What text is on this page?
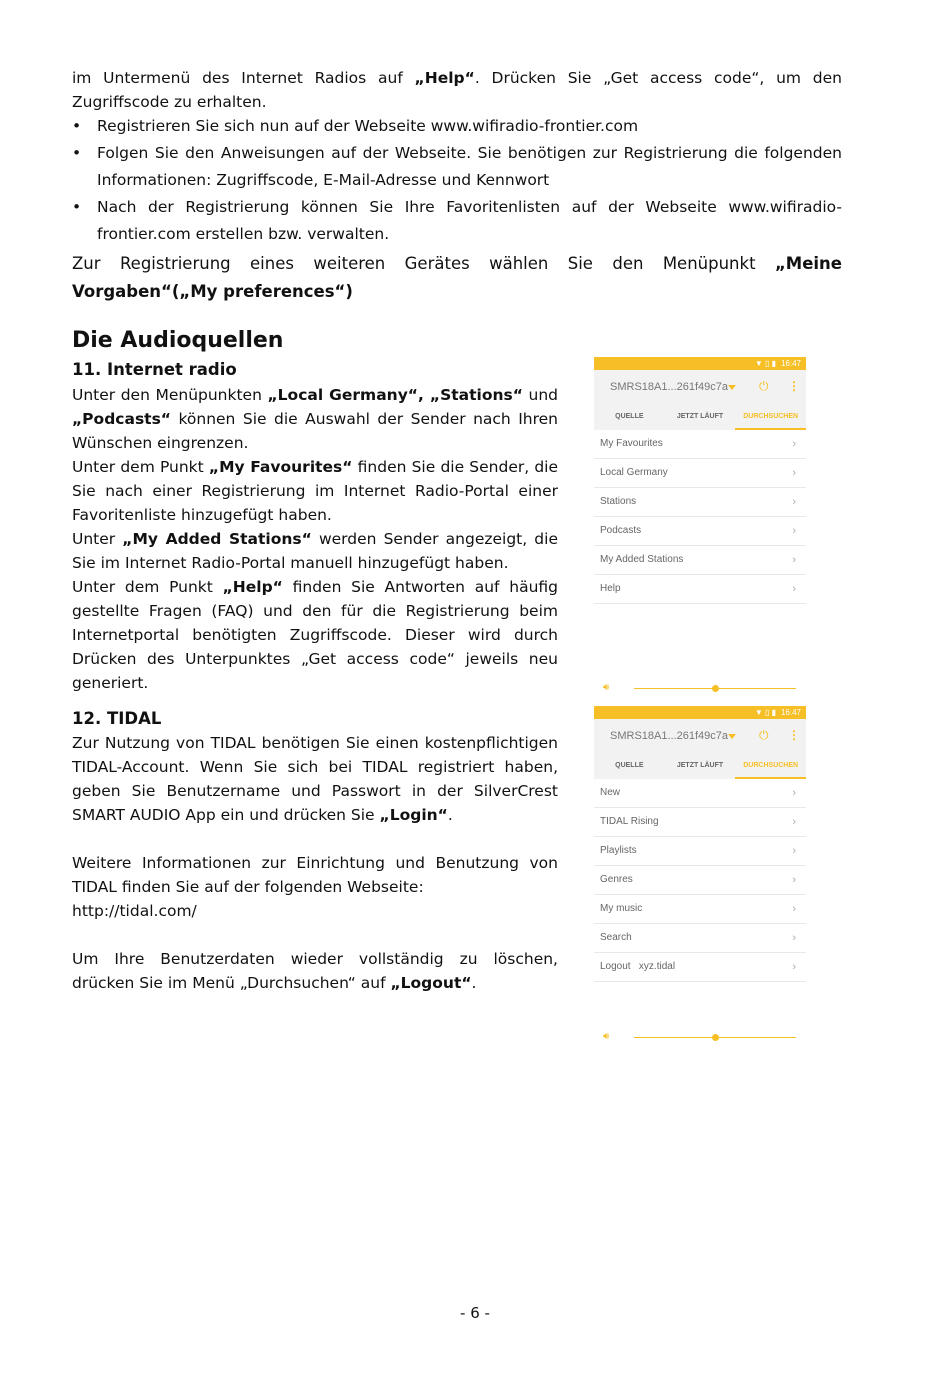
im Untermenü des Internet Radios auf „Help“. Drücken Sie „Get access code“, um den Zugriffscode zu erhalten.
• Registrieren Sie sich nun auf der Webseite www.wifiradio-frontier.com
• Folgen Sie den Anweisungen auf der Webseite. Sie benötigen zur Registrierung die folgenden Informationen: Zugriffscode, E-Mail-Adresse und Kennwort
• Nach der Registrierung können Sie Ihre Favoritenlisten auf der Webseite www.wifiradio-frontier.com erstellen bzw. verwalten.
Zur Registrierung eines weiteren Gerätes wählen Sie den Menüpunkt „Meine Vorgaben“(„My preferences“)
Die Audioquellen
11. Internet radio

Unter den Menüpunkten „Local Germany“, „Stations“ und „Podcasts“ können Sie die Auswahl der Sender nach Ihren Wünschen eingrenzen.

Unter dem Punkt „My Favourites“ finden Sie die Sender, die Sie nach einer Registrierung im Internet Radio-Portal einer Favoritenliste hinzugefügt haben.

Unter „My Added Stations“ werden Sender angezeigt, die Sie im Internet Radio-Portal manuell hinzugefügt haben.

Unter dem Punkt „Help“ finden Sie Antworten auf häufig gestellte Fragen (FAQ) und den für die Registrierung beim Internetportal benötigten Zugriffscode. Dieser wird durch Drücken des Unterpunktes „Get access code“ jeweils neu generiert.

12. TIDAL

Zur Nutzung von TIDAL benötigen Sie einen kostenpflichtigen TIDAL-Account. Wenn Sie sich bei TIDAL registriert haben, geben Sie Benutzername und Passwort in der SilverCrest SMART AUDIO App ein und drücken Sie „Login“.

Weitere Informationen zur Einrichtung und Benutzung von TIDAL finden Sie auf der folgenden Webseite:

http://tidal.com/

Um Ihre Benutzerdaten wieder vollständig zu löschen, drücken Sie im Menü „Durchsuchen“ auf „Logout“.

▼ ▯ ▮ 16:47
SMRS18A1...261f49c7a	⏻ ⋮
QUELLE	JETZT LÄUFT	DURCHSUCHEN
My Favourites	›
Local Germany	›
Stations	›
Podcasts	›
My Added Stations	›
Help	›
🔊︎
▼ ▯ ▮ 16:47
SMRS18A1...261f49c7a	⏻ ⋮
QUELLE	JETZT LÄUFT	DURCHSUCHEN
New	›
TIDAL Rising	›
Playlists	›
Genres	›
My music	›
Search	›
Logout   xyz.tidal	›
🔊︎
- 6 -
